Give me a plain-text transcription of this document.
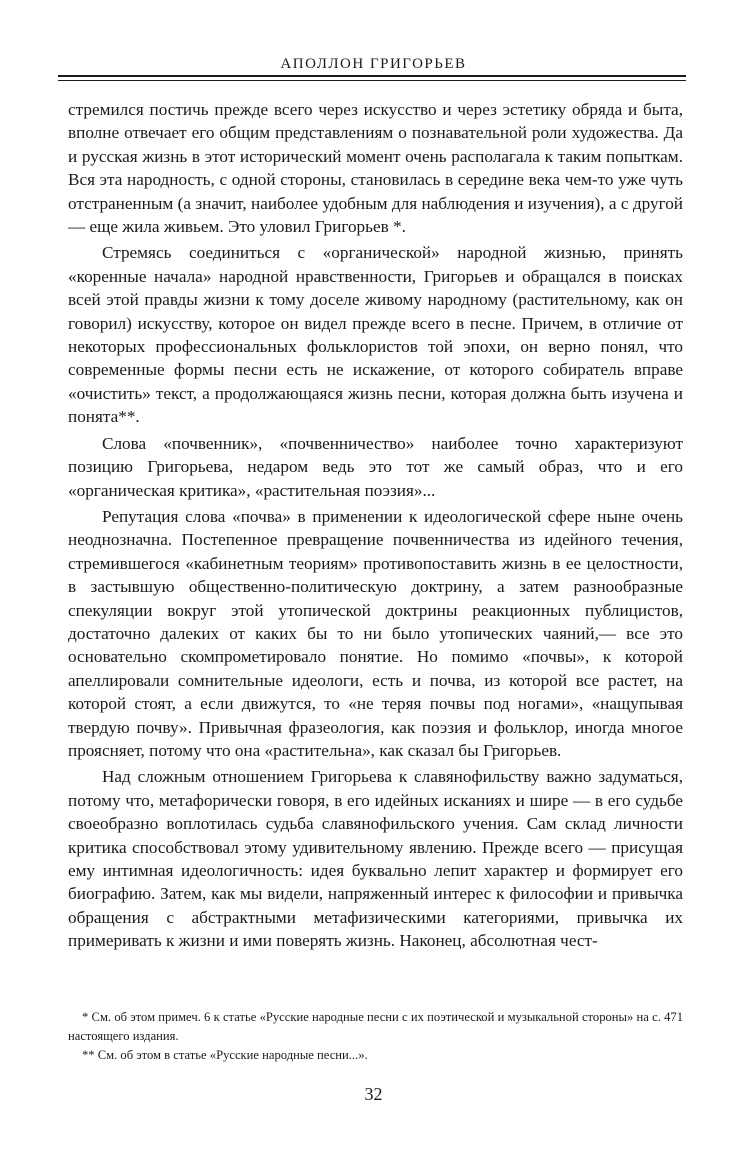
АПОЛЛОН ГРИГОРЬЕВ

стремился постичь прежде всего через искусство и через эстетику обряда и быта, вполне отвечает его общим представлениям о познавательной роли художества. Да и русская жизнь в этот исторический момент очень располагала к таким попыткам. Вся эта народность, с одной стороны, становилась в середине века чем-то уже чуть отстраненным (а значит, наиболее удобным для наблюдения и изучения), а с другой — еще жила живьем. Это уловил Григорьев *.

Стремясь соединиться с «органической» народной жизнью, принять «коренные начала» народной нравственности, Григорьев и обращался в поисках всей этой правды жизни к тому доселе живому народному (растительному, как он говорил) искусству, которое он видел прежде всего в песне. Причем, в отличие от некоторых профессиональных фольклористов той эпохи, он верно понял, что современные формы песни есть не искажение, от которого собиратель вправе «очистить» текст, а продолжающаяся жизнь песни, которая должна быть изучена и понята**.

Слова «почвенник», «почвенничество» наиболее точно характеризуют позицию Григорьева, недаром ведь это тот же самый образ, что и его «органическая критика», «растительная поэзия»...

Репутация слова «почва» в применении к идеологической сфере ныне очень неоднозначна. Постепенное превращение почвенничества из идейного течения, стремившегося «кабинетным теориям» противопоставить жизнь в ее целостности, в застывшую общественно-политическую доктрину, а затем разнообразные спекуляции вокруг этой утопической доктрины реакционных публицистов, достаточно далеких от каких бы то ни было утопических чаяний,— все это основательно скомпрометировало понятие. Но помимо «почвы», к которой апеллировали сомнительные идеологи, есть и почва, из которой все растет, на которой стоят, а если движутся, то «не теряя почвы под ногами», «нащупывая твердую почву». Привычная фразеология, как поэзия и фольклор, иногда многое проясняет, потому что она «растительна», как сказал бы Григорьев.

Над сложным отношением Григорьева к славянофильству важно задуматься, потому что, метафорически говоря, в его идейных исканиях и шире — в его судьбе своеобразно воплотилась судьба славянофильского учения. Сам склад личности критика способствовал этому удивительному явлению. Прежде всего — присущая ему интимная идеологичность: идея буквально лепит характер и формирует его биографию. Затем, как мы видели, напряженный интерес к философии и привычка обращения с абстрактными метафизическими категориями, привычка их примеривать к жизни и ими поверять жизнь. Наконец, абсолютная чест-

* См. об этом примеч. 6 к статье «Русские народные песни с их поэтической и музыкальной стороны» на с. 471 настоящего издания.

** См. об этом в статье «Русские народные песни...».

32
